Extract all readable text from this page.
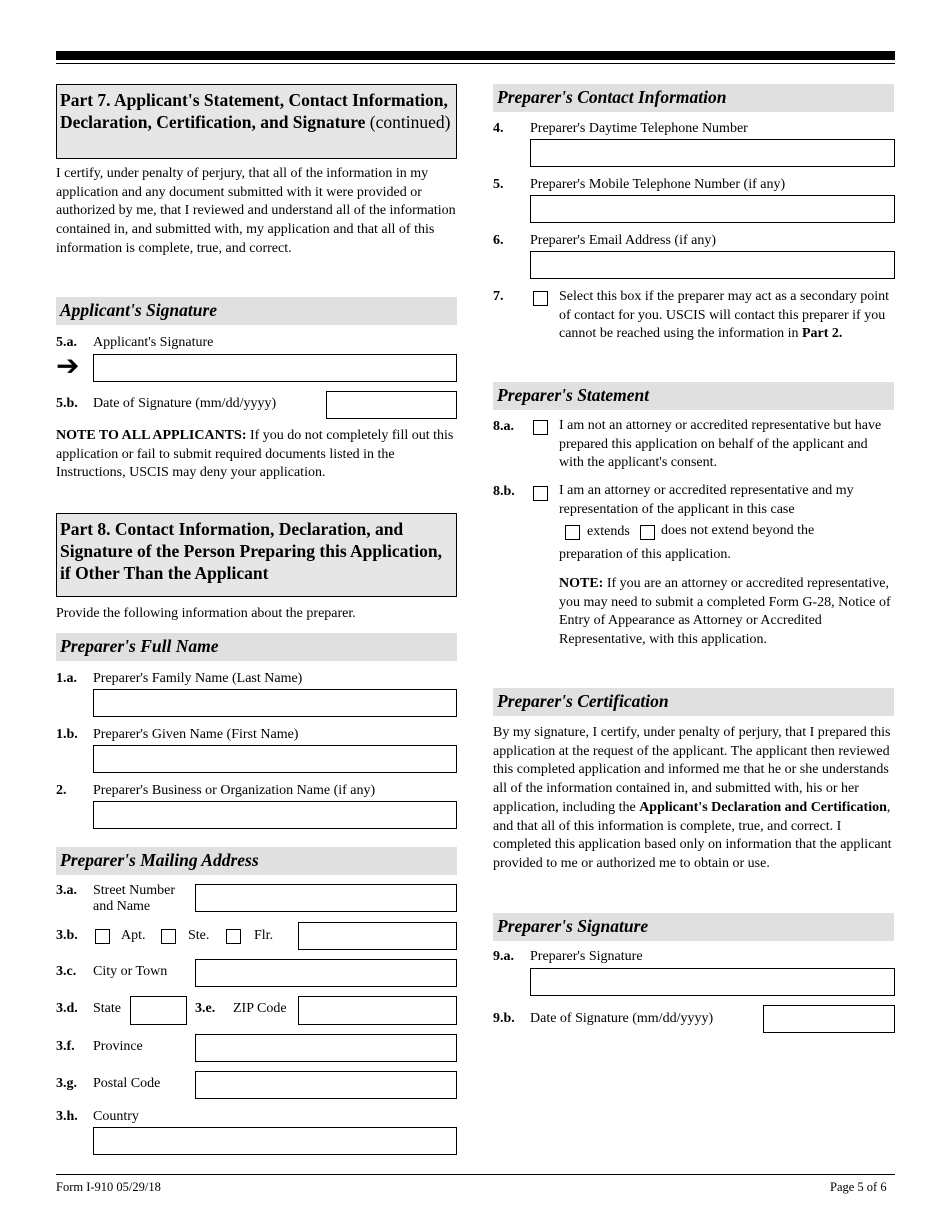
Part 7. Applicant's Statement, Contact Information, Declaration, Certification, and Signature (continued)
I certify, under penalty of perjury, that all of the information in my application and any document submitted with it were provided or authorized by me, that I reviewed and understand all of the information contained in, and submitted with, my application and that all of this information is complete, true, and correct.
Applicant's Signature
5.a. Applicant's Signature
➔
5.b. Date of Signature (mm/dd/yyyy)
NOTE TO ALL APPLICANTS: If you do not completely fill out this application or fail to submit required documents listed in the Instructions, USCIS may deny your application.
Part 8. Contact Information, Declaration, and Signature of the Person Preparing this Application, if Other Than the Applicant
Provide the following information about the preparer.
Preparer's Full Name
1.a. Preparer's Family Name (Last Name)
1.b. Preparer's Given Name (First Name)
2. Preparer's Business or Organization Name (if any)
Preparer's Mailing Address
3.a. Street Number
and Name
3.b.	Apt.	Ste.	Flr.
3.c. City or Town
3.d. State	3.e. ZIP Code
3.f. Province
3.g. Postal Code
3.h. Country
Preparer's Contact Information
4. Preparer's Daytime Telephone Number
5. Preparer's Mobile Telephone Number (if any)
6. Preparer's Email Address (if any)
7.	Select this box if the preparer may act as a secondary point of contact for you. USCIS will contact this preparer if you cannot be reached using the information in Part 2.
Preparer's Statement
8.a.	I am not an attorney or accredited representative but have prepared this application on behalf of the applicant and with the applicant's consent.
8.b.	I am an attorney or accredited representative and my representation of the applicant in this case
extends does not extend beyond the
preparation of this application.
NOTE: If you are an attorney or accredited representative, you may need to submit a completed Form G-28, Notice of Entry of Appearance as Attorney or Accredited Representative, with this application.
Preparer's Certification
By my signature, I certify, under penalty of perjury, that I prepared this application at the request of the applicant. The applicant then reviewed this completed application and informed me that he or she understands all of the information contained in, and submitted with, his or her application, including the Applicant's Declaration and Certification, and that all of this information is complete, true, and correct. I completed this application based only on information that the applicant provided to me or authorized me to obtain or use.
Preparer's Signature
9.a. Preparer's Signature
9.b. Date of Signature (mm/dd/yyyy)
Form I-910 05/29/18	Page 5 of 6
